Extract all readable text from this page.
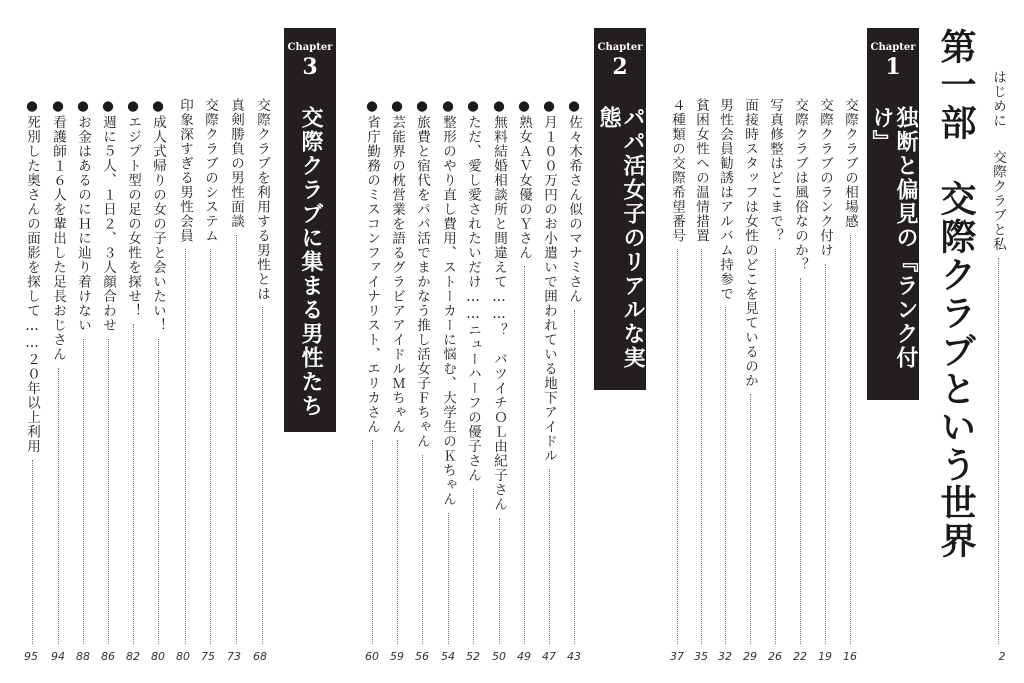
はじめに
交際クラブと私
2
第一部　交際クラブという世界
Chapter
1
独断と偏見の『ランク付け』
Chapter
2
パパ活女子のリアルな実態
Chapter
3
交際クラブに集まる男性たち	交際クラブの相場感
交際クラブのランク付け
交際クラブは風俗なのか？
写真修整はどこまで？
面接時スタッフは女性のどこを見ているのか
男性会員勧誘はアルバム持参で
貧困女性への温情措置
４種類の交際希望番号
16
19
22
26
29
32
35
37
●佐々木希さん似のマナミさん
●月１００万円のお小遣いで囲われている地下アイドル
●熟女ＡＶ女優のＹさん
●無料結婚相談所と間違えて……？　バツイチＯＬ由紀子さん
●ただ、愛し愛されたいだけ……ニューハーフの優子さん
●整形のやり直し費用、ストーカーに悩む、大学生のＫちゃん
●旅費と宿代をパパ活でまかなう推し活女子Ｆちゃん
●芸能界の枕営業を語るグラビアアイドルＭちゃん
●省庁勤務のミスコンファイナリスト、エリカさん
43
47
49
50
52
54
56
59
60
交際クラブを利用する男性とは
真剣勝負の男性面談
交際クラブのシステム
印象深すぎる男性会員
●成人式帰りの女の子と会いたい！
●エジプト型の足の女性を探せ！
●週に５人、１日２、３人顔合わせ
●お金はあるのにＨに辿り着けない
●看護師１６人を輩出した足長おじさん
●死別した奥さんの面影を探して……２０年以上利用
68
73
75
80
80
82
86
88
94
95
